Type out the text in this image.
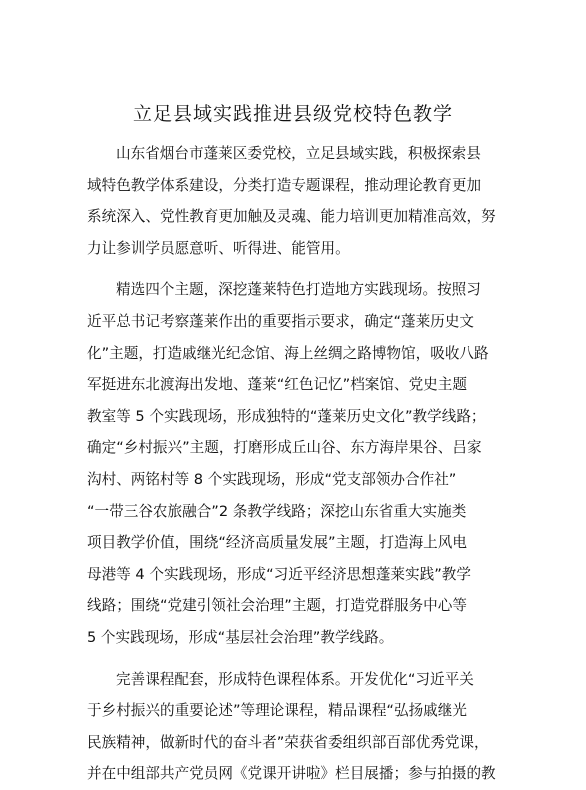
立足县域实践推进县级党校特色教学
山东省烟台市蓬莱区委党校，立足县域实践，积极探索县
域特色教学体系建设，分类打造专题课程，推动理论教育更加
系统深入、党性教育更加触及灵魂、能力培训更加精准高效，努
力让参训学员愿意听、听得进、能管用。
精选四个主题，深挖蓬莱特色打造地方实践现场。按照习
近平总书记考察蓬莱作出的重要指示要求，确定“蓬莱历史文
化”主题，打造戚继光纪念馆、海上丝绸之路博物馆，吸收八路
军挺进东北渡海出发地、蓬莱“红色记忆”档案馆、党史主题
教室等 5 个实践现场，形成独特的“蓬莱历史文化”教学线路；
确定“乡村振兴”主题，打磨形成丘山谷、东方海岸果谷、吕家
沟村、两铭村等 8 个实践现场，形成“党支部领办合作社”
“一带三谷农旅融合”2 条教学线路；深挖山东省重大实施类
项目教学价值，围绕“经济高质量发展”主题，打造海上风电
母港等 4 个实践现场，形成“习近平经济思想蓬莱实践”教学
线路；围绕“党建引领社会治理”主题，打造党群服务中心等
5 个实践现场，形成“基层社会治理”教学线路。
完善课程配套，形成特色课程体系。开发优化“习近平关
于乡村振兴的重要论述”等理论课程，精品课程“弘扬戚继光
民族精神，做新时代的奋斗者”荣获省委组织部百部优秀党课，
并在中组部共产党员网《党课开讲啦》栏目展播；参与拍摄的教
